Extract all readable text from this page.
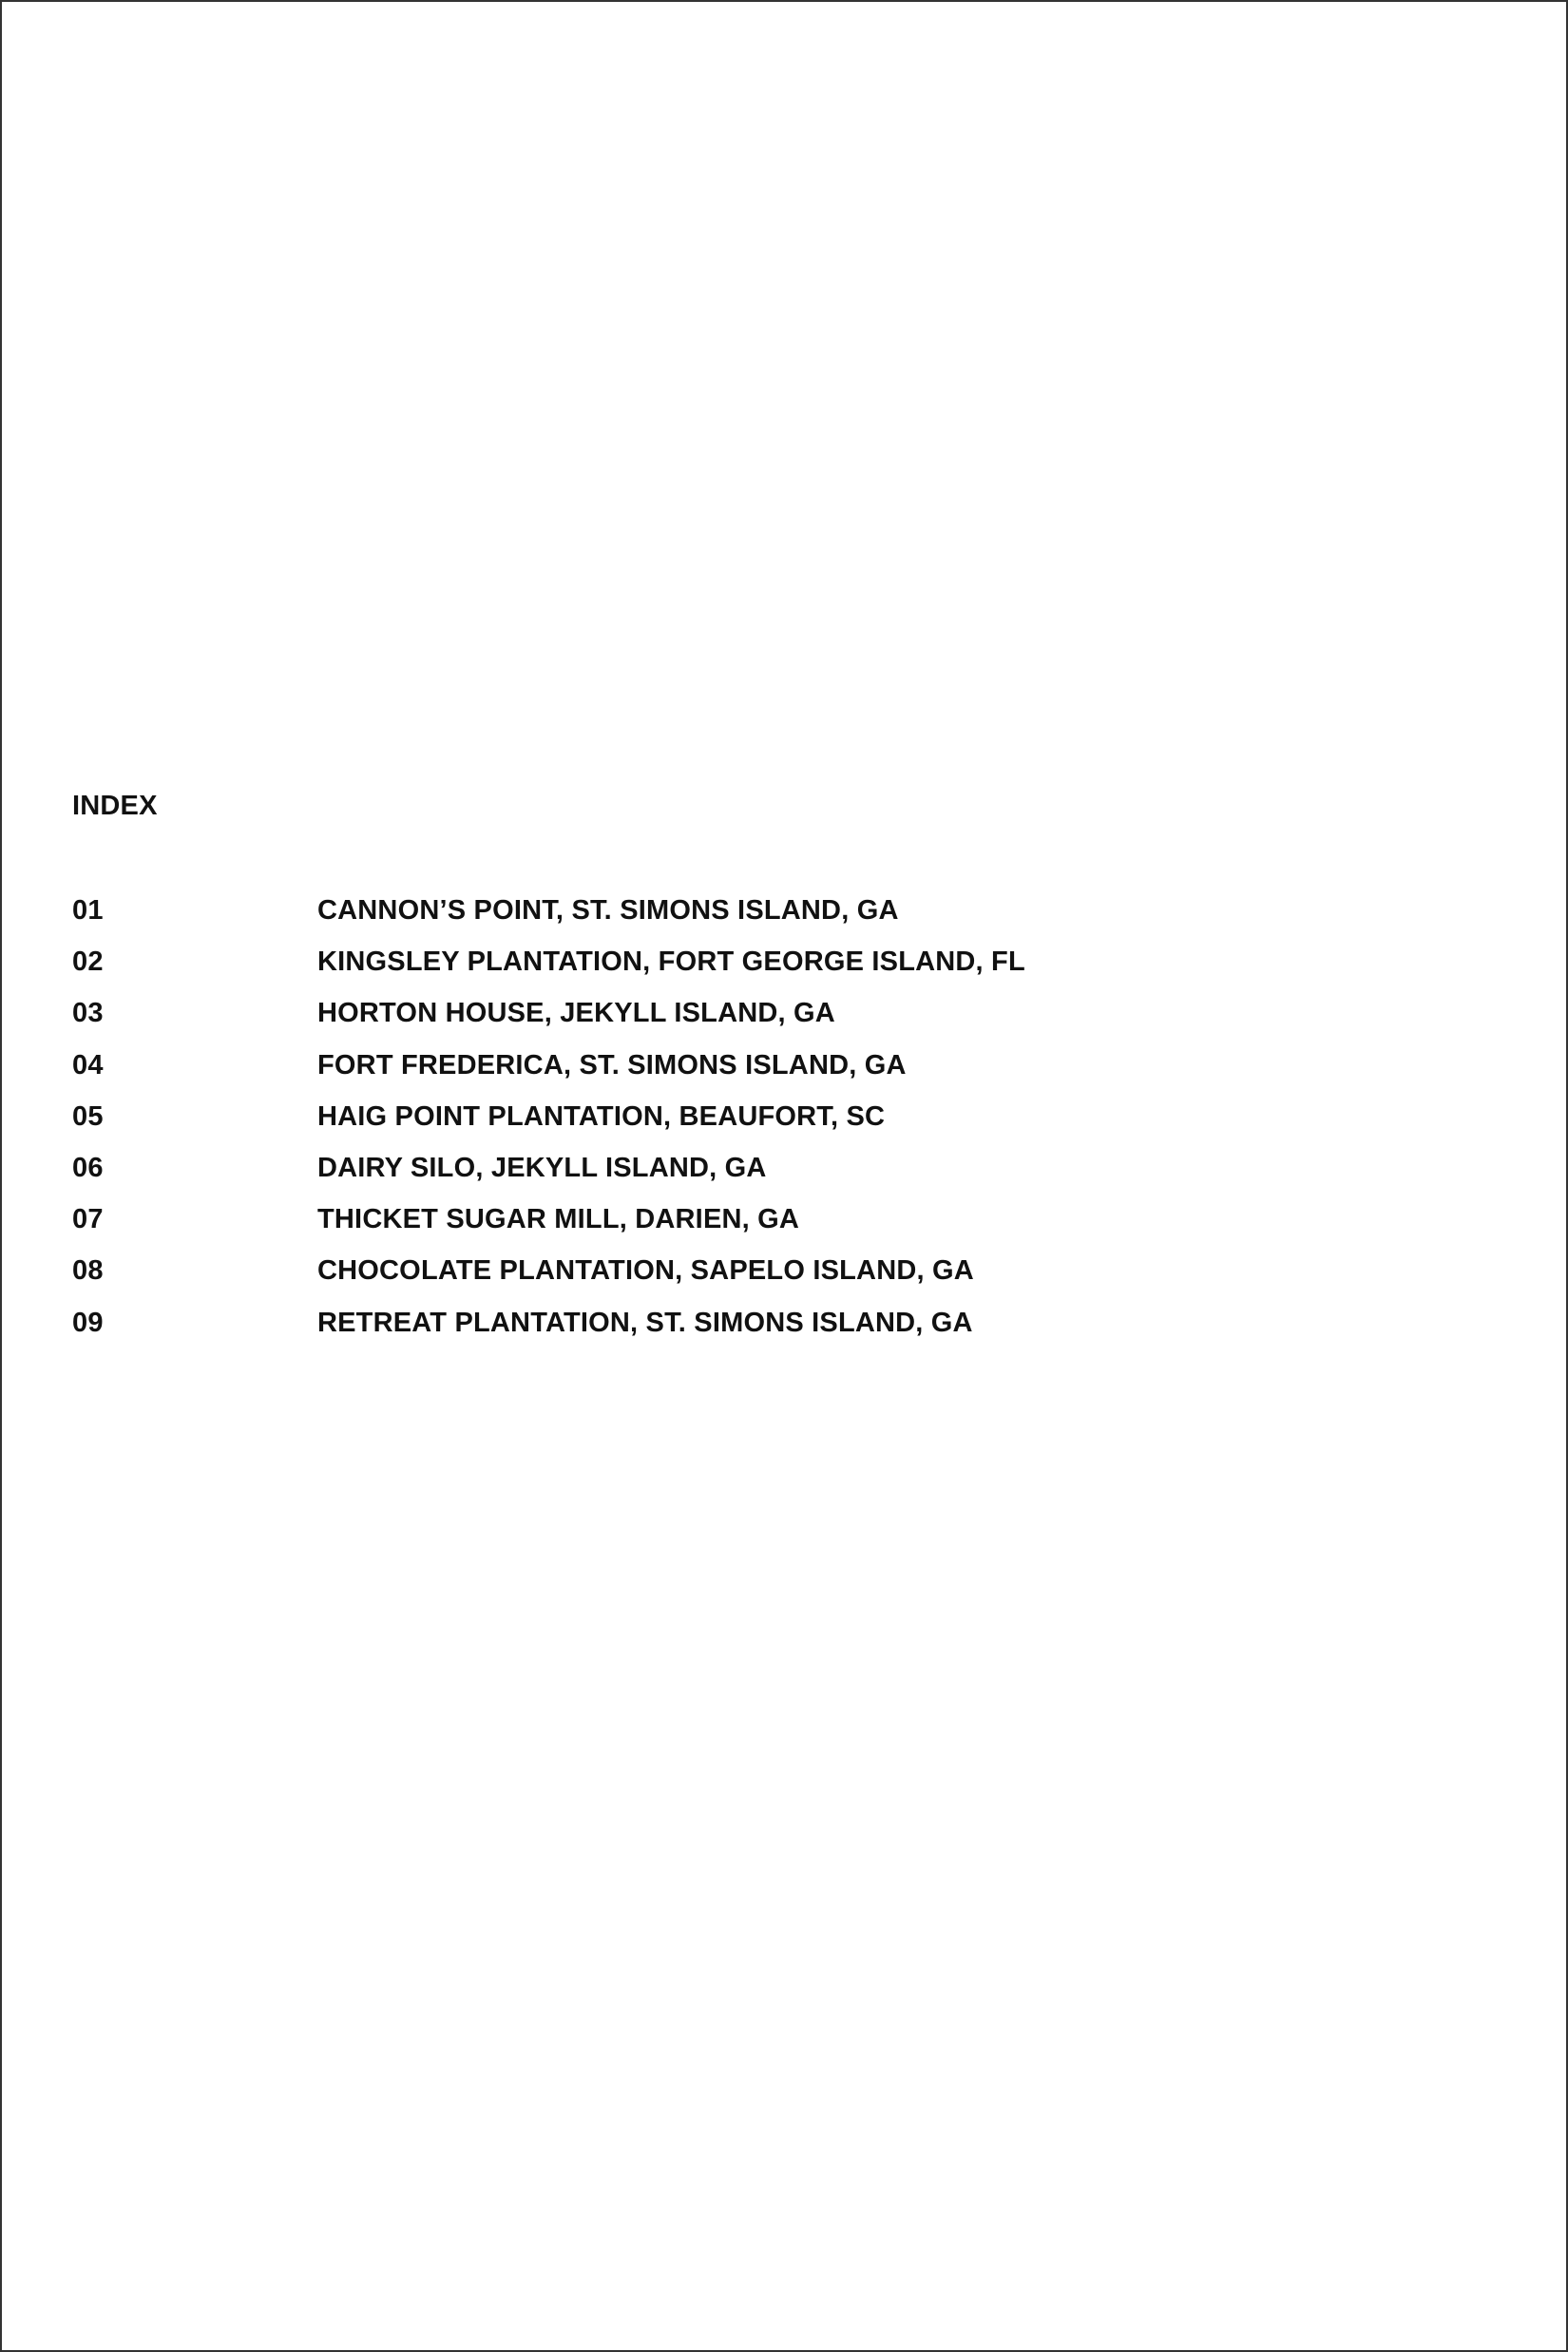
INDEX
01	CANNON’S POINT, ST. SIMONS ISLAND, GA
02	KINGSLEY PLANTATION, FORT GEORGE ISLAND, FL
03	HORTON HOUSE, JEKYLL ISLAND, GA
04	FORT FREDERICA, ST. SIMONS ISLAND, GA
05	HAIG POINT PLANTATION, BEAUFORT, SC
06	DAIRY SILO, JEKYLL ISLAND, GA
07	THICKET SUGAR MILL, DARIEN, GA
08	CHOCOLATE PLANTATION, SAPELO ISLAND, GA
09	RETREAT PLANTATION, ST. SIMONS ISLAND, GA
